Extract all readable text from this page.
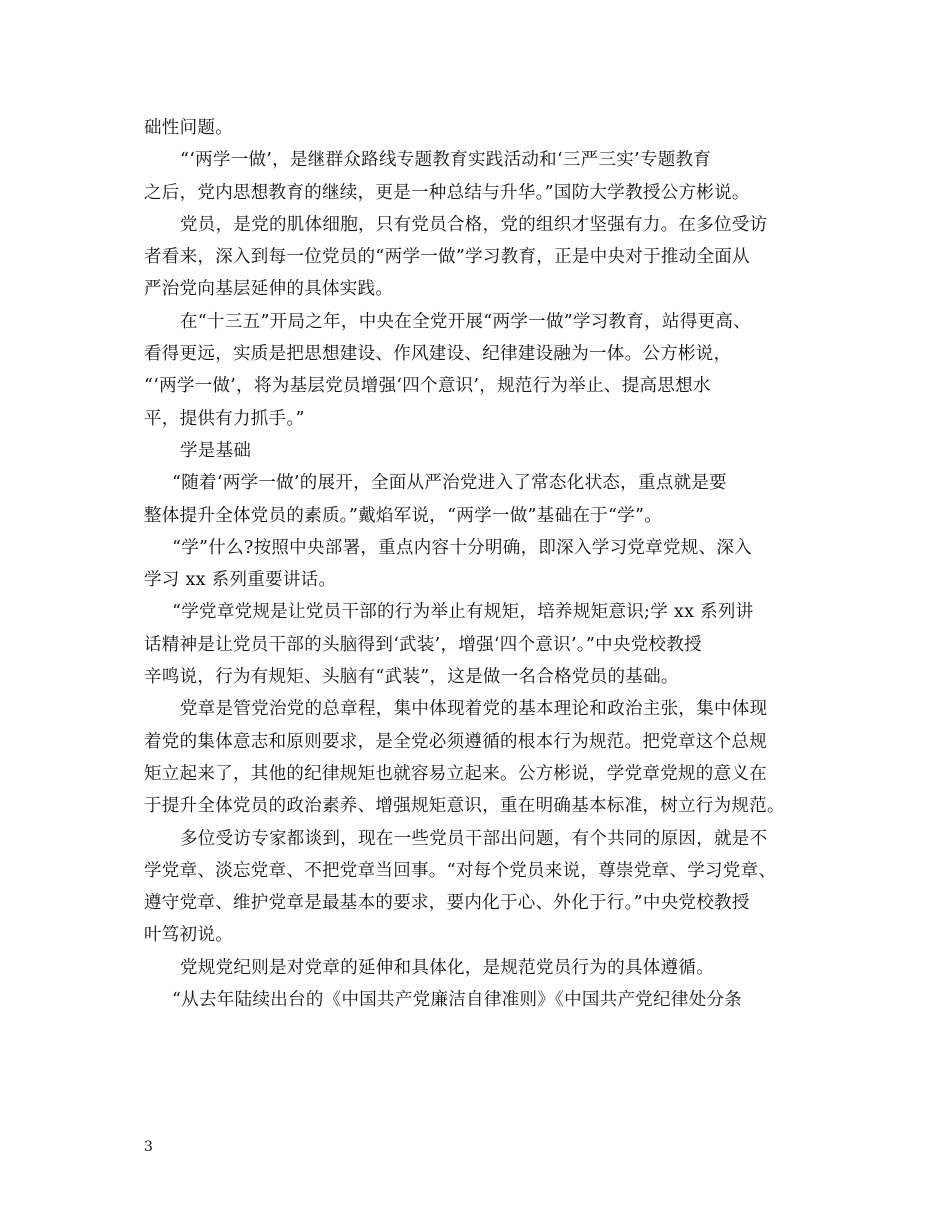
础性问题。
“‘两学一做’，是继群众路线专题教育实践活动和‘三严三实’专题教育
之后，党内思想教育的继续，更是一种总结与升华。”国防大学教授公方彬说。
党员，是党的肌体细胞，只有党员合格，党的组织才坚强有力。在多位受访
者看来，深入到每一位党员的“两学一做”学习教育，正是中央对于推动全面从
严治党向基层延伸的具体实践。
在“十三五”开局之年，中央在全党开展“两学一做”学习教育，站得更高、
看得更远，实质是把思想建设、作风建设、纪律建设融为一体。公方彬说，
“‘两学一做’，将为基层党员增强‘四个意识’，规范行为举止、提高思想水
平，提供有力抓手。”
学是基础
“随着‘两学一做’的展开，全面从严治党进入了常态化状态，重点就是要
整体提升全体党员的素质。”戴焰军说，“两学一做”基础在于“学”。
“学”什么?按照中央部署，重点内容十分明确，即深入学习党章党规、深入
学习 xx 系列重要讲话。
“学党章党规是让党员干部的行为举止有规矩，培养规矩意识;学 xx 系列讲
话精神是让党员干部的头脑得到‘武装’，增强‘四个意识’。”中央党校教授
辛鸣说，行为有规矩、头脑有“武装”，这是做一名合格党员的基础。
党章是管党治党的总章程，集中体现着党的基本理论和政治主张，集中体现
着党的集体意志和原则要求，是全党必须遵循的根本行为规范。把党章这个总规
矩立起来了，其他的纪律规矩也就容易立起来。公方彬说，学党章党规的意义在
于提升全体党员的政治素养、增强规矩意识，重在明确基本标准，树立行为规范。
多位受访专家都谈到，现在一些党员干部出问题，有个共同的原因，就是不
学党章、淡忘党章、不把党章当回事。“对每个党员来说，尊崇党章、学习党章、
遵守党章、维护党章是最基本的要求，要内化于心、外化于行。”中央党校教授
叶笃初说。
党规党纪则是对党章的延伸和具体化，是规范党员行为的具体遵循。
“从去年陆续出台的《中国共产党廉洁自律准则》《中国共产党纪律处分条
3
